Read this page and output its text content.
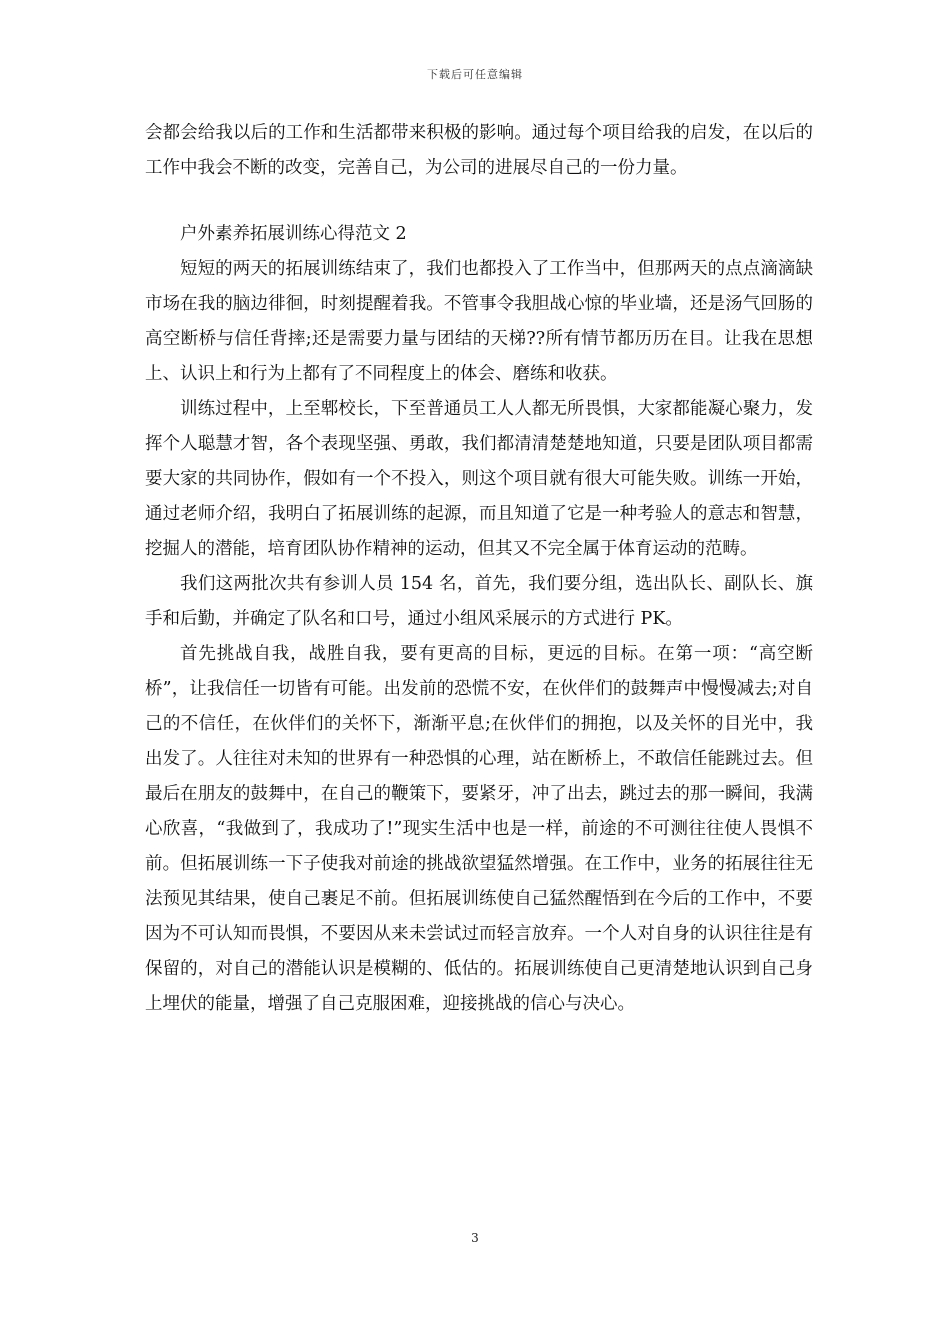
下载后可任意编辑

会都会给我以后的工作和生活都带来积极的影响。通过每个项目给我的启发，在以后的工作中我会不断的改变，完善自己，为公司的进展尽自己的一份力量。

户外素养拓展训练心得范文 2

短短的两天的拓展训练结束了，我们也都投入了工作当中，但那两天的点点滴滴缺市场在我的脑边徘徊，时刻提醒着我。不管事令我胆战心惊的毕业墙，还是汤气回肠的高空断桥与信任背摔;还是需要力量与团结的天梯??所有情节都历历在目。让我在思想上、认识上和行为上都有了不同程度上的体会、磨练和收获。

训练过程中，上至郫校长，下至普通员工人人都无所畏惧，大家都能凝心聚力，发挥个人聪慧才智，各个表现坚强、勇敢，我们都清清楚楚地知道，只要是团队项目都需要大家的共同协作，假如有一个不投入，则这个项目就有很大可能失败。训练一开始，通过老师介绍，我明白了拓展训练的起源，而且知道了它是一种考验人的意志和智慧，挖掘人的潜能，培育团队协作精神的运动，但其又不完全属于体育运动的范畴。

我们这两批次共有参训人员 154 名，首先，我们要分组，选出队长、副队长、旗手和后勤，并确定了队名和口号，通过小组风采展示的方式进行 PK。

首先挑战自我，战胜自我，要有更高的目标，更远的目标。在第一项：“高空断桥”，让我信任一切皆有可能。出发前的恐慌不安，在伙伴们的鼓舞声中慢慢减去;对自己的不信任，在伙伴们的关怀下，渐渐平息;在伙伴们的拥抱，以及关怀的目光中，我出发了。人往往对未知的世界有一种恐惧的心理，站在断桥上，不敢信任能跳过去。但最后在朋友的鼓舞中，在自己的鞭策下，要紧牙，冲了出去，跳过去的那一瞬间，我满心欣喜，“我做到了，我成功了!”现实生活中也是一样，前途的不可测往往使人畏惧不前。但拓展训练一下子使我对前途的挑战欲望猛然增强。在工作中，业务的拓展往往无法预见其结果，使自己裹足不前。但拓展训练使自己猛然醒悟到在今后的工作中，不要因为不可认知而畏惧，不要因从来未尝试过而轻言放弃。一个人对自身的认识往往是有保留的，对自己的潜能认识是模糊的、低估的。拓展训练使自己更清楚地认识到自己身上埋伏的能量，增强了自己克服困难，迎接挑战的信心与决心。

3
